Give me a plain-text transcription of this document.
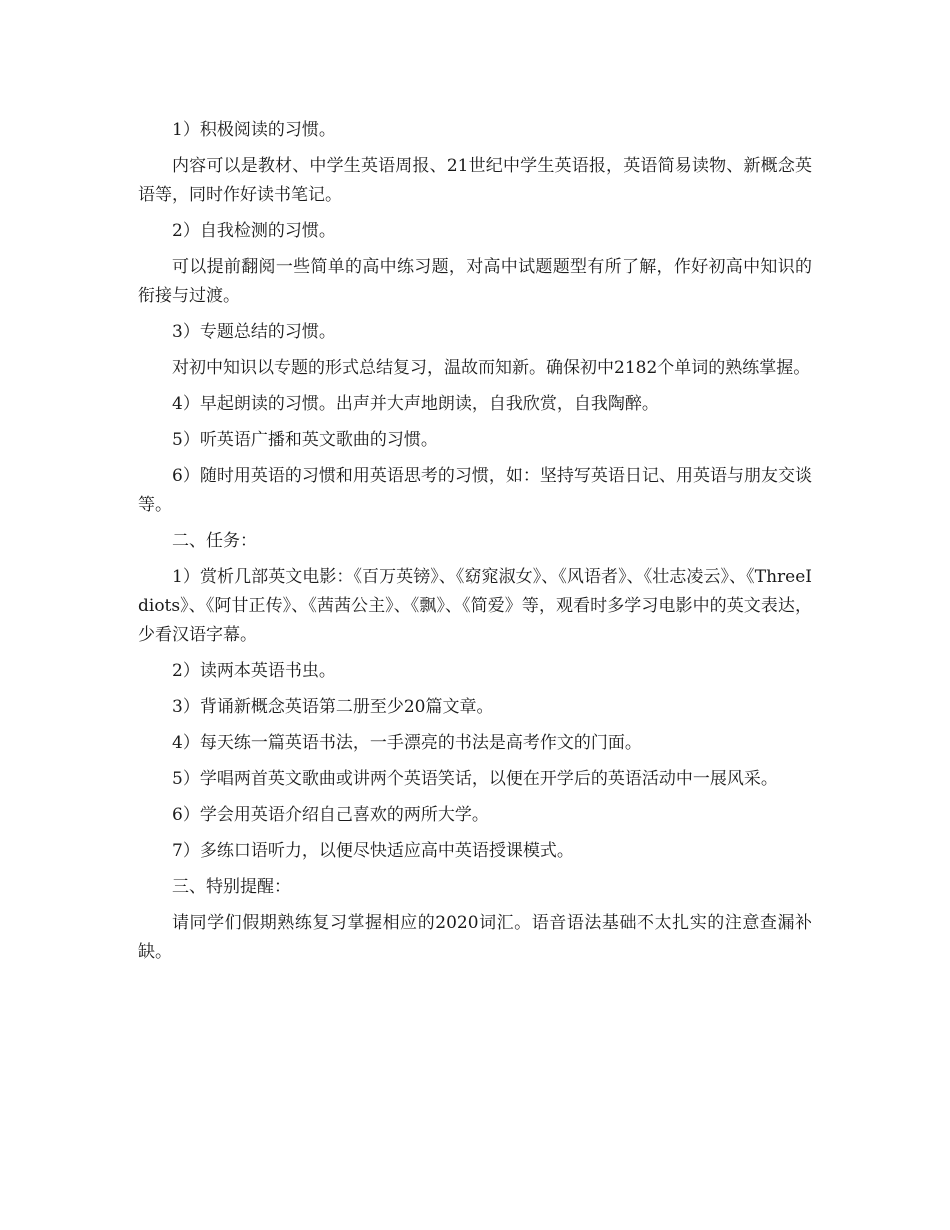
1）积极阅读的习惯。

内容可以是教材、中学生英语周报、21世纪中学生英语报，英语简易读物、新概念英语等，同时作好读书笔记。

2）自我检测的习惯。

可以提前翻阅一些简单的高中练习题，对高中试题题型有所了解，作好初高中知识的衔接与过渡。

3）专题总结的习惯。

对初中知识以专题的形式总结复习，温故而知新。确保初中2182个单词的熟练掌握。

4）早起朗读的习惯。出声并大声地朗读，自我欣赏，自我陶醉。

5）听英语广播和英文歌曲的习惯。

6）随时用英语的习惯和用英语思考的习惯，如：坚持写英语日记、用英语与朋友交谈等。

二、任务：

1）赏析几部英文电影：《百万英镑》、《窈窕淑女》、《风语者》、《壮志凌云》、《ThreeIdiots》、《阿甘正传》、《茜茜公主》、《飘》、《简爱》等，观看时多学习电影中的英文表达，少看汉语字幕。

2）读两本英语书虫。

3）背诵新概念英语第二册至少20篇文章。

4）每天练一篇英语书法，一手漂亮的书法是高考作文的门面。

5）学唱两首英文歌曲或讲两个英语笑话，以便在开学后的英语活动中一展风采。

6）学会用英语介绍自己喜欢的两所大学。

7）多练口语听力，以便尽快适应高中英语授课模式。

三、特别提醒：

请同学们假期熟练复习掌握相应的2020词汇。语音语法基础不太扎实的注意查漏补缺。
